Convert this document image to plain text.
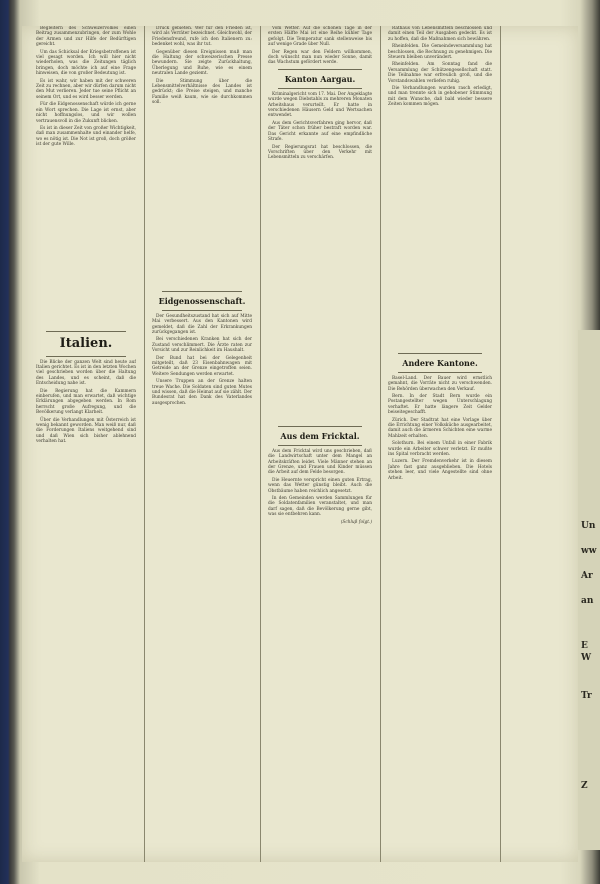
Begleitern des Schweizervolkes einen Beitrag zusammenzubringen, der zum Wohle der Armen und zur Hilfe der Bedürftigen gereicht.

Um das Schicksal der Kriegsbetroffenen ist viel gesagt worden. Ich will hier nicht wiederholen, was die Zeitungen täglich bringen, doch möchte ich auf eine Frage hinweisen, die von großer Bedeutung ist.

Es ist wahr, wir haben mit der schweren Zeit zu rechnen, aber wir dürfen darum nicht den Mut verlieren. Jeder tue seine Pflicht an seinem Ort, und es wird besser werden.

Für die Eidgenossenschaft würde ich gerne ein Wort sprechen. Die Lage ist ernst, aber nicht hoffnungslos, und wir wollen vertrauensvoll in die Zukunft blicken.

Es ist in dieser Zeit von großer Wichtigkeit, daß man zusammenhalte und einander helfe, wo es nötig ist. Die Not ist groß, doch größer ist der gute Wille.

Italien.

Die Blicke der ganzen Welt sind heute auf Italien gerichtet. Es ist in den letzten Wochen viel geschrieben worden über die Haltung des Landes, und es scheint, daß die Entscheidung nahe ist.

Die Regierung hat die Kammern einberufen, und man erwartet, daß wichtige Erklärungen abgegeben werden. In Rom herrscht große Aufregung, und die Bevölkerung verlangt Klarheit.

Über die Verhandlungen mit Österreich ist wenig bekannt geworden. Man weiß nur, daß die Forderungen Italiens weitgehend sind und daß Wien sich bisher ablehnend verhalten hat.

Druck gebieten. Wer für den Frieden ist, wird als Verräter bezeichnet. Gleichwohl, der Friedensfreund, rufe ich den Italienern zu: bedenket wohl, was ihr tut.

Gegenüber diesen Ereignissen muß man die Haltung der schweizerischen Presse bewundern. Sie zeigte Zurückhaltung, Überlegung und Ruhe, wie es einem neutralen Lande geziemt.

Die Stimmung über die Lebensmittelverhältnisse des Landes ist gedrückt; die Preise steigen, und manche Familie weiß kaum, wie sie durchkommen soll.

Eidgenossenschaft.

Der Gesundheitszustand hat sich auf Mitte Mai verbessert. Aus den Kantonen wird gemeldet, daß die Zahl der Erkrankungen zurückgegangen ist.

Bei verschiedenen Kranken hat sich der Zustand verschlimmert. Die Ärzte raten zur Vorsicht und zur Reinlichkeit im Haushalt.

Der Bund hat bei der Gelegenheit mitgeteilt, daß 23 Eisenbahnwagen mit Getreide an der Grenze eingetroffen seien. Weitere Sendungen werden erwartet.

Unsere Truppen an der Grenze halten treue Wache. Die Soldaten sind guten Mutes und wissen, daß die Heimat auf sie zählt. Der Bundesrat hat den Dank des Vaterlandes ausgesprochen.

Vom Wetter. Auf die schönen Tage in der ersten Hälfte Mai ist eine Reihe kühler Tage gefolgt. Die Temperatur sank stellenweise bis auf wenige Grade über Null.

Der Regen war den Feldern willkommen, doch wünscht man nun wieder Sonne, damit das Wachstum gefördert werde.

Kanton Aargau.

Kriminalgericht vom 17. Mai. Der Angeklagte wurde wegen Diebstahls zu mehreren Monaten Arbeitshaus verurteilt. Er hatte in verschiedenen Häusern Geld und Wertsachen entwendet.

Aus dem Gerichtsverfahren ging hervor, daß der Täter schon früher bestraft worden war. Das Gericht erkannte auf eine empfindliche Strafe.

Der Regierungsrat hat beschlossen, die Vorschriften über den Verkehr mit Lebensmitteln zu verschärfen.

Aus dem Fricktal.

Aus dem Fricktal wird uns geschrieben, daß die Landwirtschaft unter dem Mangel an Arbeitskräften leidet. Viele Männer stehen an der Grenze, und Frauen und Kinder müssen die Arbeit auf dem Felde besorgen.

Die Heuernte verspricht einen guten Ertrag, wenn das Wetter günstig bleibt. Auch die Obstbäume haben reichlich angesetzt.

In den Gemeinden werden Sammlungen für die Soldatenfamilien veranstaltet, und man darf sagen, daß die Bevölkerung gerne gibt, was sie entbehren kann.

(Schluß folgt.)

Rathaus von Lebensmitteln beschlossen und damit einen Teil der Ausgaben gedeckt. Es ist zu hoffen, daß die Maßnahmen sich bewähren.

Rheinfelden. Die Gemeindeversammlung hat beschlossen, die Rechnung zu genehmigen. Die Steuern bleiben unverändert.

Rheinfelden. Am Sonntag fand die Versammlung der Schützengesellschaft statt. Die Teilnahme war erfreulich groß, und die Vorstandswahlen verliefen ruhig.

Die Verhandlungen wurden rasch erledigt, und man trennte sich in gehobener Stimmung mit dem Wunsche, daß bald wieder bessere Zeiten kommen mögen.

Andere Kantone.

Basel-Land. Der Bauer wird ernstlich gemahnt, die Vorräte nicht zu verschwenden. Die Behörden überwachen den Verkauf.

Bern. In der Stadt Bern wurde ein Postangestellter wegen Unterschlagung verhaftet. Er hatte längere Zeit Gelder beiseitegeschafft.

Zürich. Der Stadtrat hat eine Vorlage über die Errichtung einer Volksküche ausgearbeitet, damit auch die ärmeren Schichten eine warme Mahlzeit erhalten.

Solothurn. Bei einem Unfall in einer Fabrik wurde ein Arbeiter schwer verletzt. Er mußte ins Spital verbracht werden.

Luzern. Der Fremdenverkehr ist in diesem Jahre fast ganz ausgeblieben. Die Hotels stehen leer, und viele Angestellte sind ohne Arbeit.

Un
ww
Ar
an
E W
Tr
Z
